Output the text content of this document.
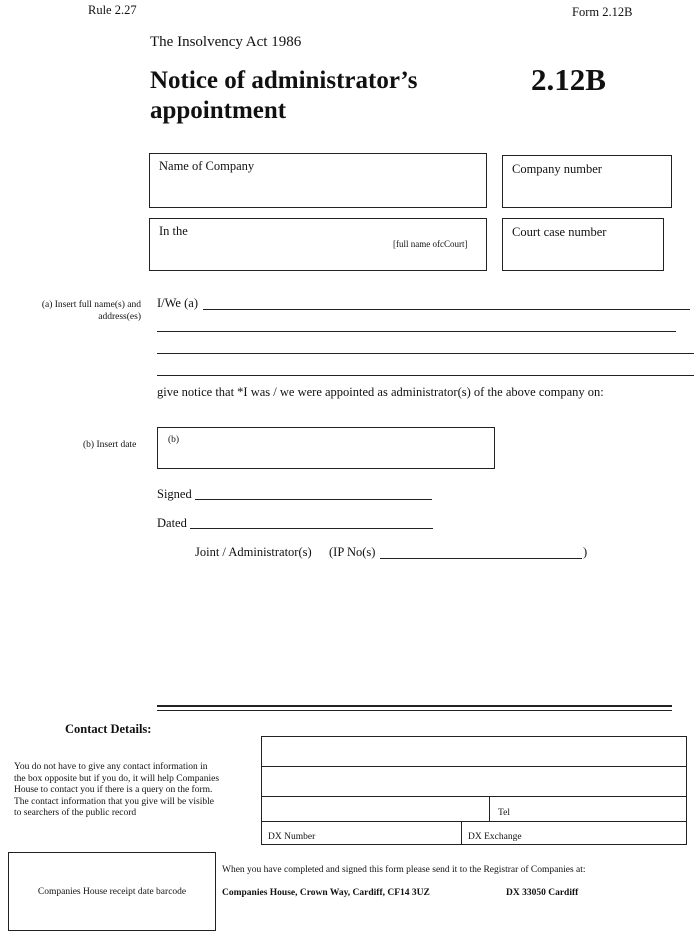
Rule 2.27	Form 2.12B
The Insolvency Act 1986
Notice of administrator’s
appointment
2.12B
Name of Company	Company number
In the
[full name ofcCourt]
Court case number
(a) Insert full name(s) and
address(es)
I/We (a)
give notice that *I was / we were appointed as administrator(s) of the above company on:
(b) Insert date	(b)
Signed
Dated
Joint / Administrator(s) (IP No(s)	)
Contact Details:
You do not have to give any contact information in
the box opposite but if you do, it will help Companies
House to contact you if there is a query on the form.
The contact information that you give will be visible
to searchers of the public record	Tel
DX Number	DX Exchange
Companies House receipt date barcode
When you have completed and signed this form please send it to the Registrar of Companies at:
Companies House, Crown Way, Cardiff, CF14 3UZ	DX 33050 Cardiff
